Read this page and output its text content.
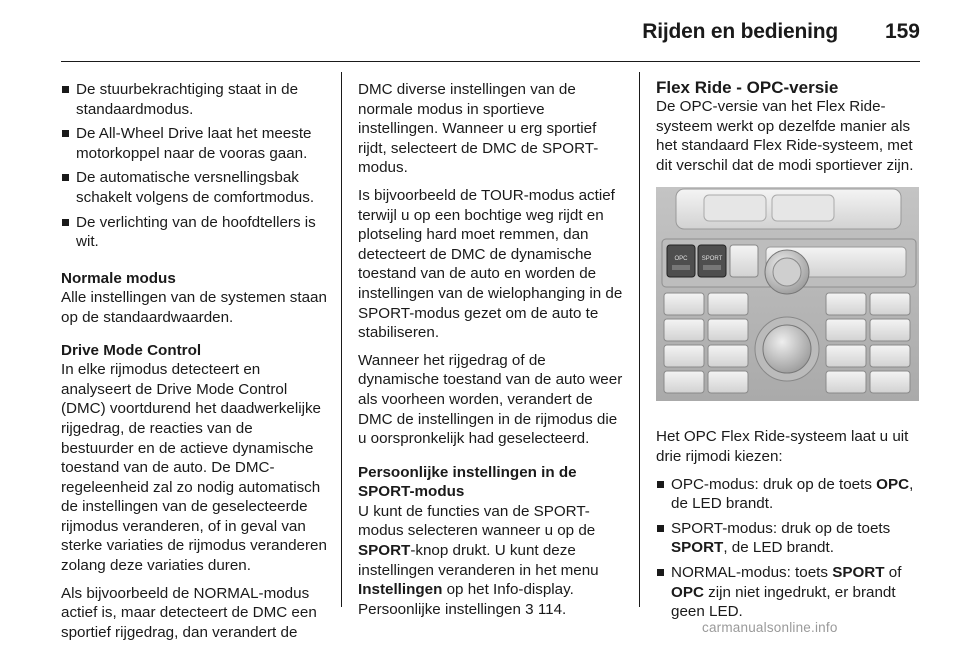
Rijden en bediening 159
De stuurbekrachtiging staat in de standaardmodus.
De All-Wheel Drive laat het meeste motorkoppel naar de vooras gaan.
De automatische versnellingsbak schakelt volgens de comfortmodus.
De verlichting van de hoofdtellers is wit.
Normale modus

Alle instellingen van de systemen staan op de standaardwaarden.

Drive Mode Control

In elke rijmodus detecteert en analyseert de Drive Mode Control (DMC) voortdurend het daadwerkelijke rijgedrag, de reacties van de bestuurder en de actieve dynamische toestand van de auto. De DMC-regeleenheid zal zo nodig automatisch de instellingen van de geselecteerde rijmodus veranderen, of in geval van sterke variaties de rijmodus veranderen zolang deze variaties duren.

Als bijvoorbeeld de NORMAL-modus actief is, maar detecteert de DMC een sportief rijgedrag, dan verandert de

DMC diverse instellingen van de normale modus in sportieve instellingen. Wanneer u erg sportief rijdt, selecteert de DMC de SPORT-modus.

Is bijvoorbeeld de TOUR-modus actief terwijl u op een bochtige weg rijdt en plotseling hard moet remmen, dan detecteert de DMC de dynamische toestand van de auto en worden de instellingen van de wielophanging in de SPORT-modus gezet om de auto te stabiliseren.

Wanneer het rijgedrag of de dynamische toestand van de auto weer als voorheen worden, verandert de DMC de instellingen in de rijmodus die u oorspronkelijk had geselecteerd.

Persoonlijke instellingen in de SPORT-modus

U kunt de functies van de SPORT-modus selecteren wanneer u op de SPORT-knop drukt. U kunt deze instellingen veranderen in het menu Instellingen op het Info-display. Persoonlijke instellingen 3 114.

Flex Ride - OPC-versie

De OPC-versie van het Flex Ride-systeem werkt op dezelfde manier als het standaard Flex Ride-systeem, met dit verschil dat de modi sportiever zijn.

OPC SPORT

Het OPC Flex Ride-systeem laat u uit drie rijmodi kiezen:

OPC-modus: druk op de toets OPC, de LED brandt.
SPORT-modus: druk op de toets SPORT, de LED brandt.
NORMAL-modus: toets SPORT of OPC zijn niet ingedrukt, er brandt geen LED.
carmanualsonline.info
